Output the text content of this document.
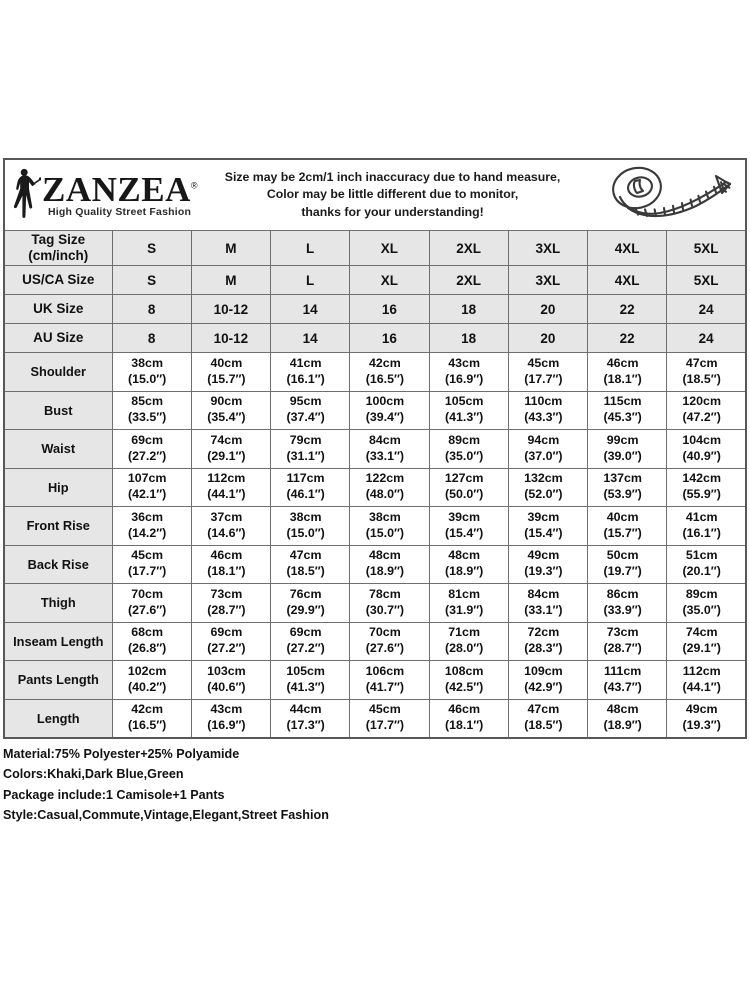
ZANZEA®
High Quality Street Fashion
Size may be 2cm/1 inch inaccuracy due to hand measure,
Color may be little different due to monitor,
thanks for your understanding!								

Tag Size
(cm/inch)	S	M	L	XL	2XL	3XL	4XL	5XL
US/CA Size	S	M	L	XL	2XL	3XL	4XL	5XL
UK Size	8	10-12	14	16	18	20	22	24
AU Size	8	10-12	14	16	18	20	22	24
Shoulder	38cm
(15.0″)	40cm
(15.7″)	41cm
(16.1″)	42cm
(16.5″)	43cm
(16.9″)	45cm
(17.7″)	46cm
(18.1″)	47cm
(18.5″)

Bust	85cm
(33.5″)	90cm
(35.4″)	95cm
(37.4″)	100cm
(39.4″)	105cm
(41.3″)	110cm
(43.3″)	115cm
(45.3″)	120cm
(47.2″)

Waist	69cm
(27.2″)	74cm
(29.1″)	79cm
(31.1″)	84cm
(33.1″)	89cm
(35.0″)	94cm
(37.0″)	99cm
(39.0″)	104cm
(40.9″)

Hip	107cm
(42.1″)	112cm
(44.1″)	117cm
(46.1″)	122cm
(48.0″)	127cm
(50.0″)	132cm
(52.0″)	137cm
(53.9″)	142cm
(55.9″)

Front Rise	36cm
(14.2″)	37cm
(14.6″)	38cm
(15.0″)	38cm
(15.0″)	39cm
(15.4″)	39cm
(15.4″)	40cm
(15.7″)	41cm
(16.1″)

Back Rise	45cm
(17.7″)	46cm
(18.1″)	47cm
(18.5″)	48cm
(18.9″)	48cm
(18.9″)	49cm
(19.3″)	50cm
(19.7″)	51cm
(20.1″)

Thigh	70cm
(27.6″)	73cm
(28.7″)	76cm
(29.9″)	78cm
(30.7″)	81cm
(31.9″)	84cm
(33.1″)	86cm
(33.9″)	89cm
(35.0″)

Inseam Length	68cm
(26.8″)	69cm
(27.2″)	69cm
(27.2″)	70cm
(27.6″)	71cm
(28.0″)	72cm
(28.3″)	73cm
(28.7″)	74cm
(29.1″)

Pants Length	102cm
(40.2″)	103cm
(40.6″)	105cm
(41.3″)	106cm
(41.7″)	108cm
(42.5″)	109cm
(42.9″)	111cm
(43.7″)	112cm
(44.1″)

Length	42cm
(16.5″)	43cm
(16.9″)	44cm
(17.3″)	45cm
(17.7″)	46cm
(18.1″)	47cm
(18.5″)	48cm
(18.9″)	49cm
(19.3″)
Material:75% Polyester+25% Polyamide
Colors:Khaki,Dark Blue,Green
Package include:1 Camisole+1 Pants
Style:Casual,Commute,Vintage,Elegant,Street Fashion
